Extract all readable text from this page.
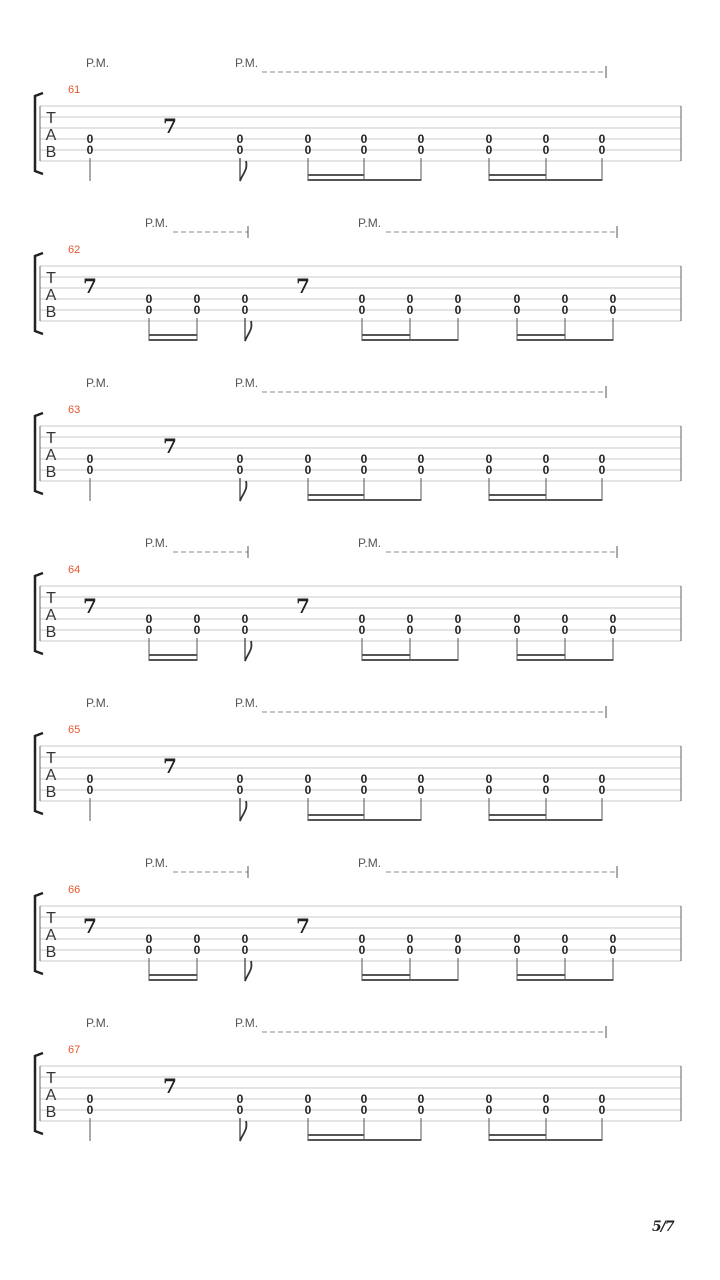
P.M.	P.M.
61
T
A
B
7
0
0
0
0
0
0
0
0
0
0
0
0
0
0
0
0
P.M.	P.M.
62
T
A
B
7	7
0
0
0
0
0
0
0
0
0
0
0
0
0
0
0
0
0
0
P.M.	P.M.
63
T
A
B
7
0
0
0
0
0
0
0
0
0
0
0
0
0
0
0
0
P.M.	P.M.
64
T
A
B
7	7
0
0
0
0
0
0
0
0
0
0
0
0
0
0
0
0
0
0
P.M.	P.M.
65
T
A
B
7
0
0
0
0
0
0
0
0
0
0
0
0
0
0
0
0
P.M.	P.M.
66
T
A
B
7	7
0
0
0
0
0
0
0
0
0
0
0
0
0
0
0
0
0
0
P.M.	P.M.
67
T
A
B
7
0
0
0
0
0
0
0
0
0
0
0
0
0
0
0
0
5/7
